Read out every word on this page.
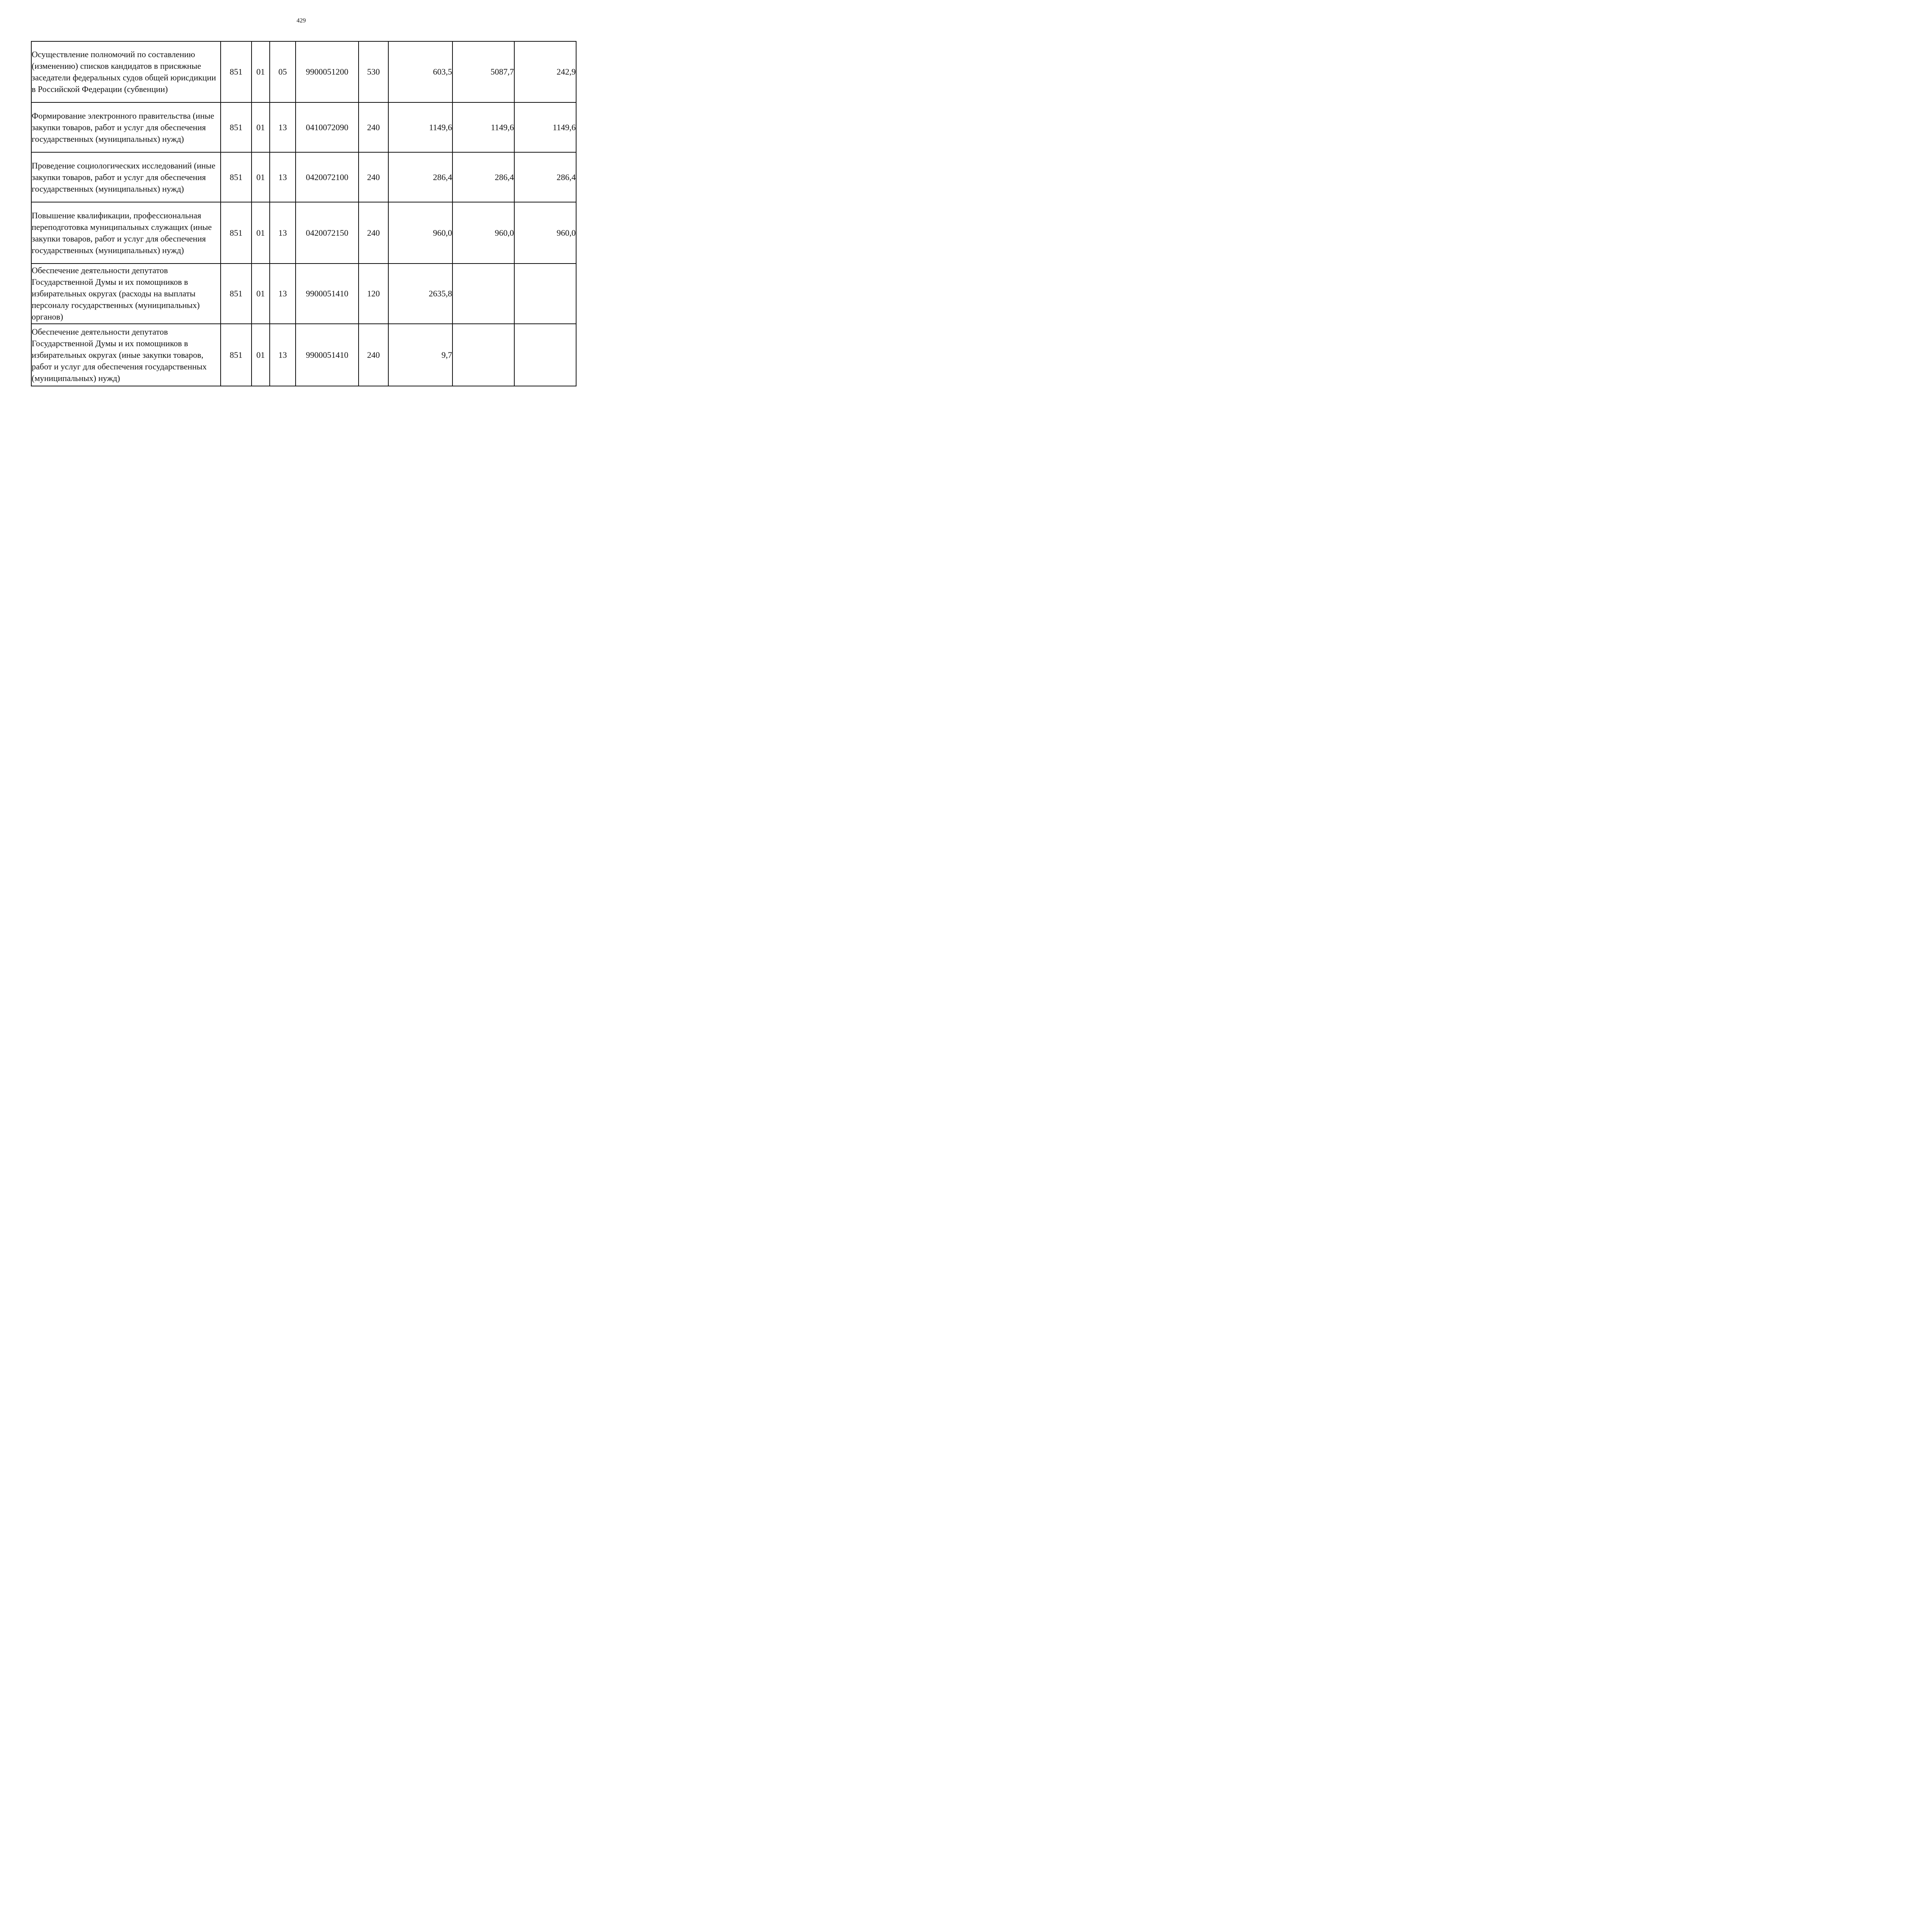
429
Осуществление полномочий по составлению (изменению) списков кандидатов в присяжные заседатели федеральных судов общей юрисдикции в Российской Федерации (субвенции)	851	01	05	9900051200	530	603,5	5087,7	242,9
Формирование электронного правительства (иные закупки товаров, работ и услуг для обеспечения государственных (муниципальных) нужд)	851	01	13	0410072090	240	1149,6	1149,6	1149,6
Проведение социологических исследований (иные закупки товаров, работ и услуг для обеспечения государственных (муниципальных) нужд)	851	01	13	0420072100	240	286,4	286,4	286,4
Повышение квалификации, профессиональная переподготовка муниципальных служащих (иные закупки товаров, работ и услуг для обеспечения государственных (муниципальных) нужд)	851	01	13	0420072150	240	960,0	960,0	960,0
Обеспечение деятельности депутатов Государственной Думы и их помощников в избирательных округах (расходы на выплаты персоналу государственных (муниципальных) органов)	851	01	13	9900051410	120	2635,8		
Обеспечение деятельности депутатов Государственной Думы и их помощников в избирательных округах (иные закупки товаров, работ и услуг для обеспечения государственных (муниципальных) нужд)	851	01	13	9900051410	240	9,7		
